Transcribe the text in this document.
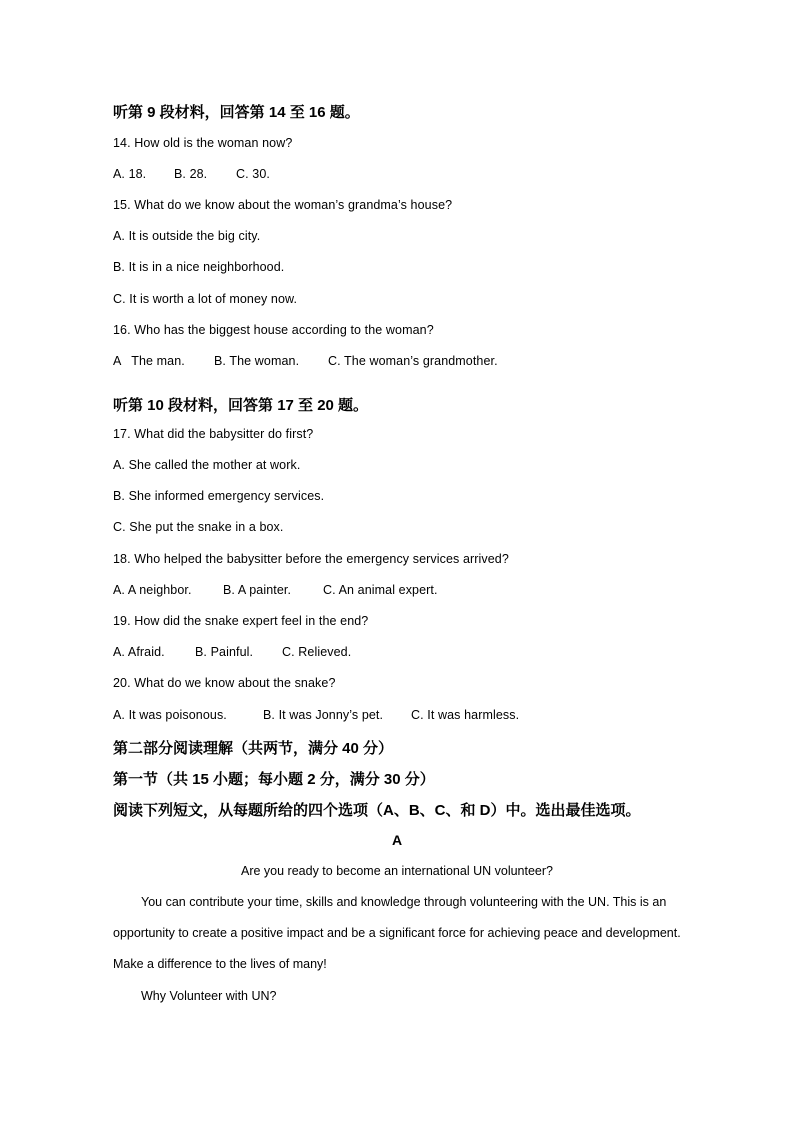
听第 9 段材料，回答第 14 至 16 题。
14. How old is the woman now?
A. 18. B. 28. C. 30.
15. What do we know about the woman’s grandma’s house?
A. It is outside the big city.
B. It is in a nice neighborhood.
C. It is worth a lot of money now.
16. Who has the biggest house according to the woman?
A   The man. B. The woman. C. The woman’s grandmother.
听第 10 段材料，回答第 17 至 20 题。
17. What did the babysitter do first?
A. She called the mother at work.
B. She informed emergency services.
C. She put the snake in a box.
18. Who helped the babysitter before the emergency services arrived?
A. A neighbor.	B. A painter.	C. An animal expert.
19. How did the snake expert feel in the end?
A. Afraid. B. Painful. C. Relieved.
20. What do we know about the snake?
A. It was poisonous.	B. It was Jonny’s pet. C. It was harmless.
第二部分阅读理解（共两节，满分 40 分）
第一节（共 15 小题；每小题 2 分，满分 30 分）
阅读下列短文，从每题所给的四个选项（A、B、C、和 D）中。选出最佳选项。
A
Are you ready to become an international UN volunteer?
You can contribute your time, skills and knowledge through volunteering with the UN. This is an
opportunity to create a positive impact and be a significant force for achieving peace and development.
Make a difference to the lives of many!
Why Volunteer with UN?
